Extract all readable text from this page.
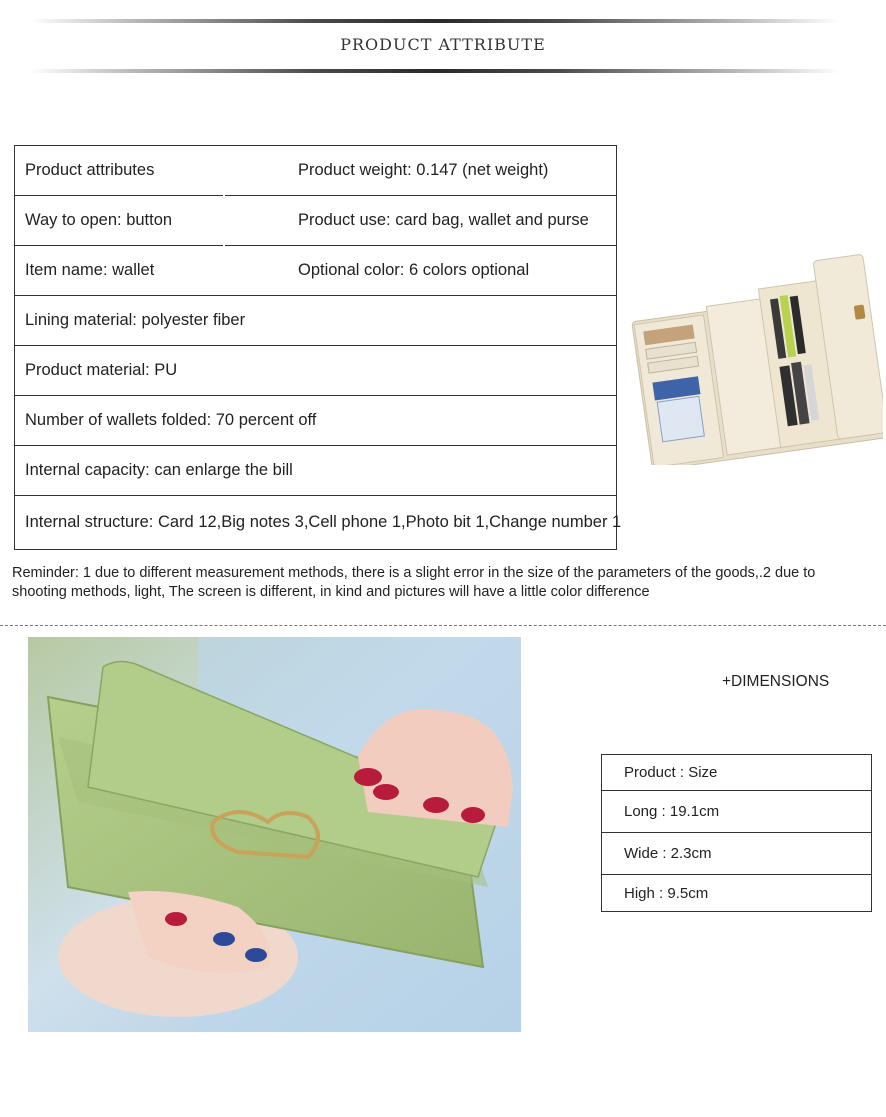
PRODUCT ATTRIBUTE
Product attributes	Product weight: 0.147 (net weight)
Way to open: button	Product use: card bag, wallet and purse
Item name: wallet	Optional color: 6 colors optional
Lining material: polyester fiber
Product material: PU
Number of wallets folded: 70 percent off
Internal capacity: can enlarge the bill
Internal structure: Card 12,Big notes 3,Cell phone 1,Photo bit 1,Change number 1
Reminder: 1 due to different measurement methods, there is a slight error in the size of the parameters of the goods,.2 due to shooting methods, light, The screen is different, in kind and pictures will have a little color difference
+DIMENSIONS
Product : Size
Long : 19.1cm
Wide : 2.3cm
High : 9.5cm
